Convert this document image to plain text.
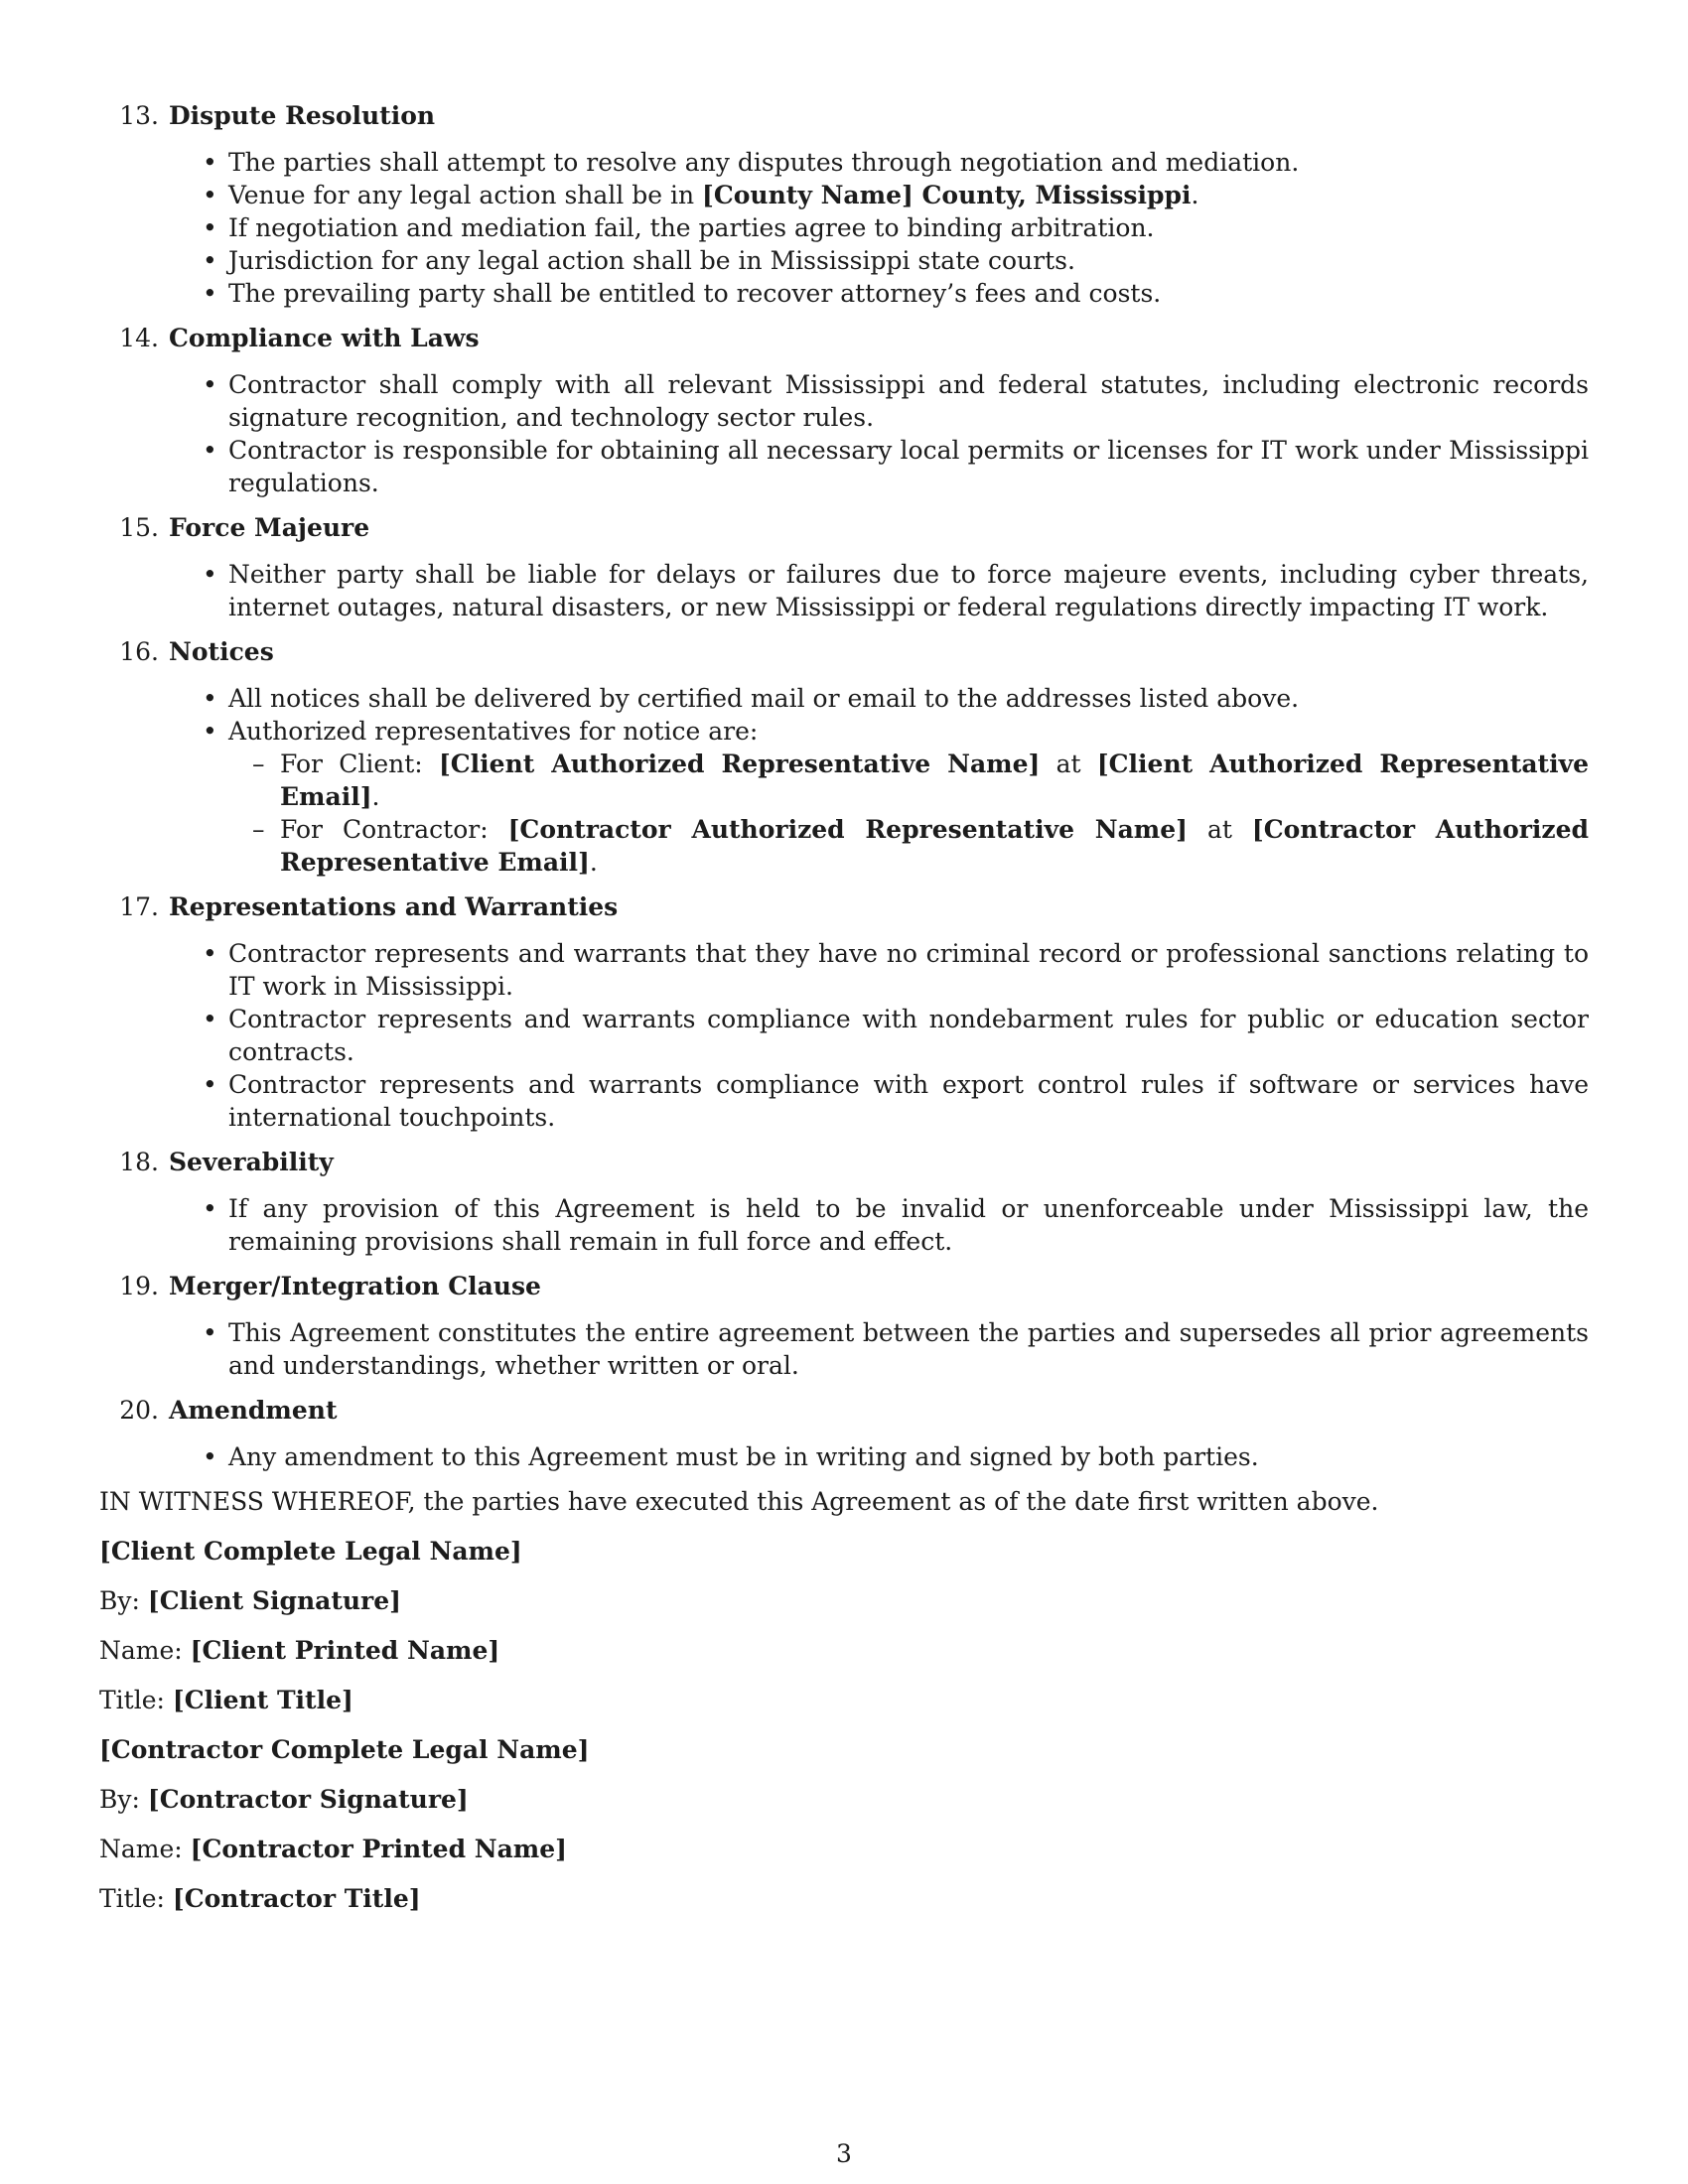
13. Dispute Resolution
• The parties shall attempt to resolve any disputes through negotiation and mediation.
• Venue for any legal action shall be in [County Name] County, Mississippi.
• If negotiation and mediation fail, the parties agree to binding arbitration.
• Jurisdiction for any legal action shall be in Mississippi state courts.
• The prevailing party shall be entitled to recover attorney’s fees and costs.
14. Compliance with Laws
• Contractor shall comply with all relevant Mississippi and federal statutes, including electronic records signature recognition, and technology sector rules.
• Contractor is responsible for obtaining all necessary local permits or licenses for IT work under Mississippi regulations.
15. Force Majeure
• Neither party shall be liable for delays or failures due to force majeure events, including cyber threats, internet outages, natural disasters, or new Mississippi or federal regulations directly impacting IT work.
16. Notices
• All notices shall be delivered by certified mail or email to the addresses listed above.
• Authorized representatives for notice are:
– For Client: [Client Authorized Representative Name] at [Client Authorized Representative Email].
– For Contractor: [Contractor Authorized Representative Name] at [Contractor Authorized Representative Email].
17. Representations and Warranties
• Contractor represents and warrants that they have no criminal record or professional sanctions relating to IT work in Mississippi.
• Contractor represents and warrants compliance with nondebarment rules for public or education sector contracts.
• Contractor represents and warrants compliance with export control rules if software or services have international touchpoints.
18. Severability
• If any provision of this Agreement is held to be invalid or unenforceable under Mississippi law, the remaining provisions shall remain in full force and effect.
19. Merger/Integration Clause
• This Agreement constitutes the entire agreement between the parties and supersedes all prior agreements and understandings, whether written or oral.
20. Amendment
• Any amendment to this Agreement must be in writing and signed by both parties.

IN WITNESS WHEREOF, the parties have executed this Agreement as of the date first written above.

[Client Complete Legal Name]

By: [Client Signature]

Name: [Client Printed Name]

Title: [Client Title]

[Contractor Complete Legal Name]

By: [Contractor Signature]

Name: [Contractor Printed Name]

Title: [Contractor Title]

3
